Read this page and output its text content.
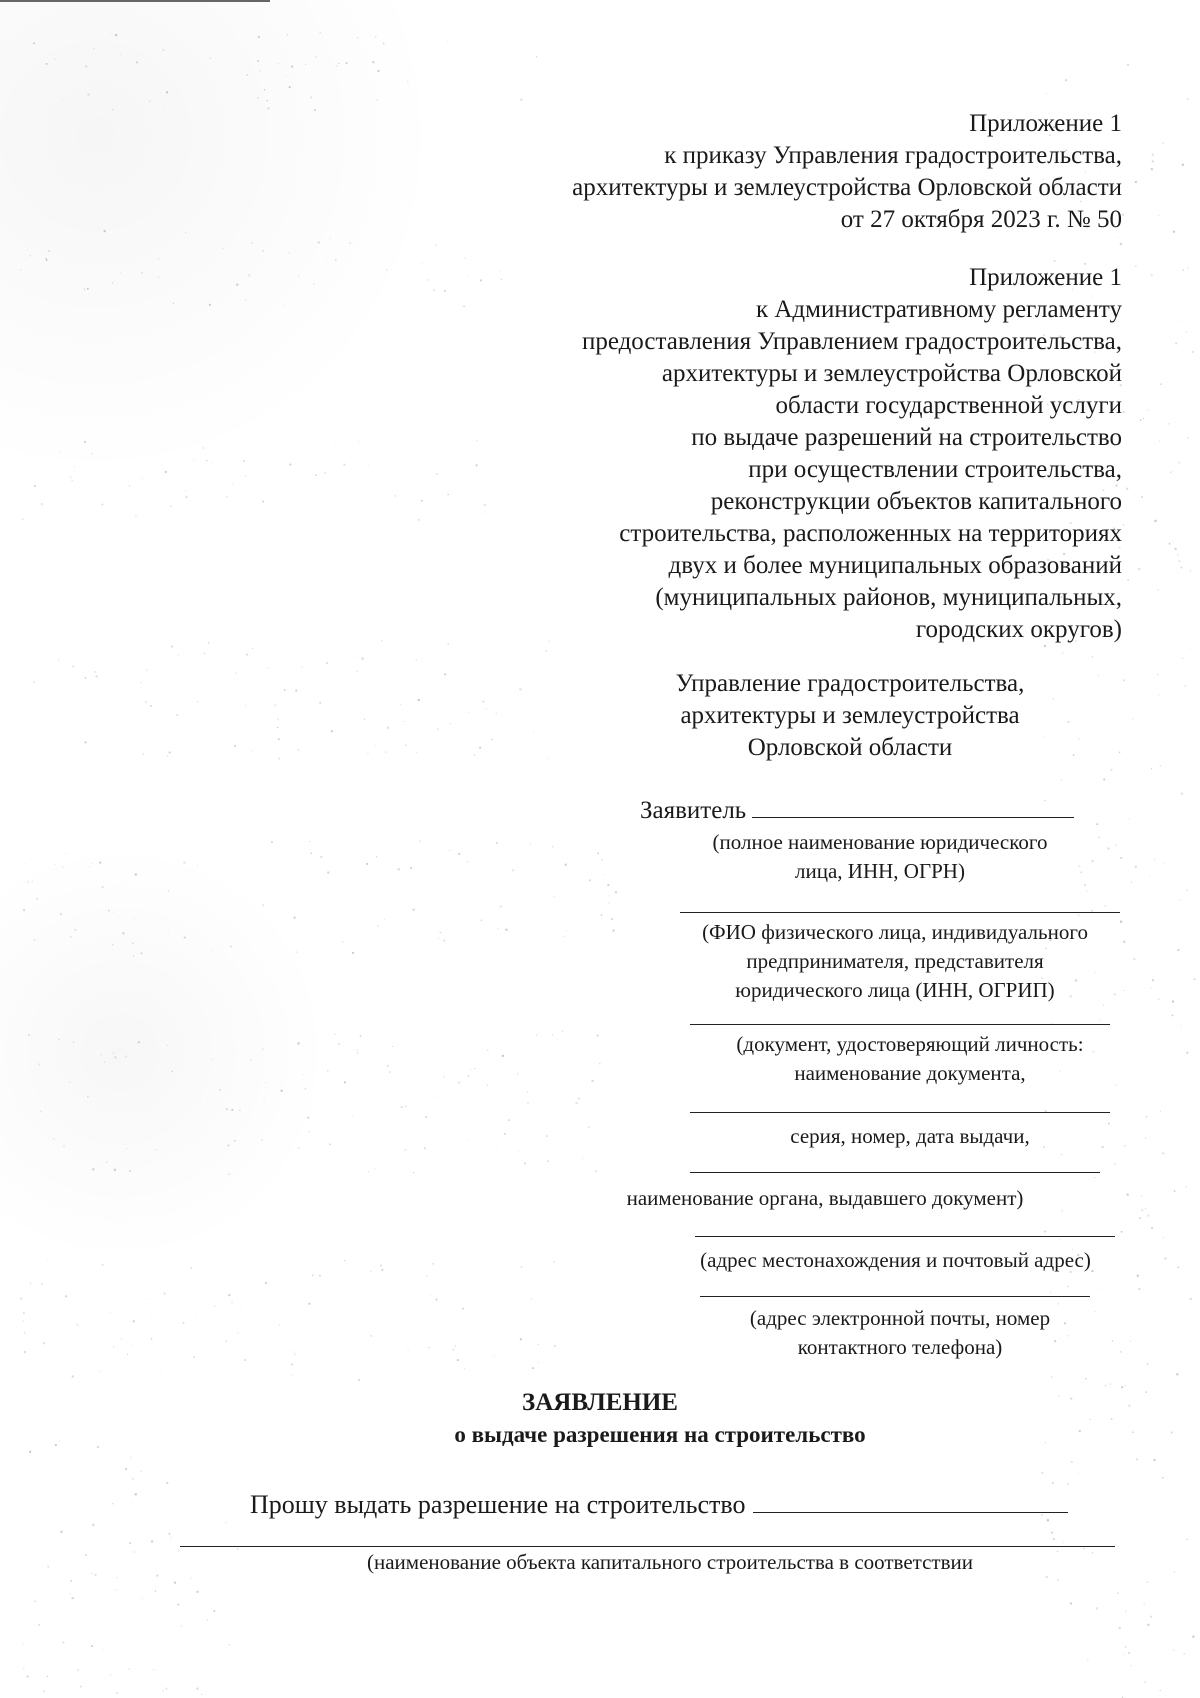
Приложение 1
к приказу Управления градостроительства,
архитектуры и землеустройства Орловской области
от 27 октября 2023 г. № 50
Приложение 1
к Административному регламенту
предоставления Управлением градостроительства,
архитектуры и землеустройства Орловской
области государственной услуги
по выдаче разрешений на строительство
при осуществлении строительства,
реконструкции объектов капитального
строительства, расположенных на территориях
двух и более муниципальных образований
(муниципальных районов, муниципальных,
городских округов)
Управление градостроительства,
архитектуры и землеустройства
Орловской области
Заявитель
(полное наименование юридического
лица, ИНН, ОГРН)
(ФИО физического лица, индивидуального
предпринимателя, представителя
юридического лица (ИНН, ОГРИП)
(документ, удостоверяющий личность:
наименование документа,
серия, номер, дата выдачи,
наименование органа, выдавшего документ)
(адрес местонахождения и почтовый адрес)
(адрес электронной почты, номер
контактного телефона)
ЗАЯВЛЕНИЕ
о выдаче разрешения на строительство
Прошу выдать разрешение на строительство
(наименование объекта капитального строительства в соответствии
